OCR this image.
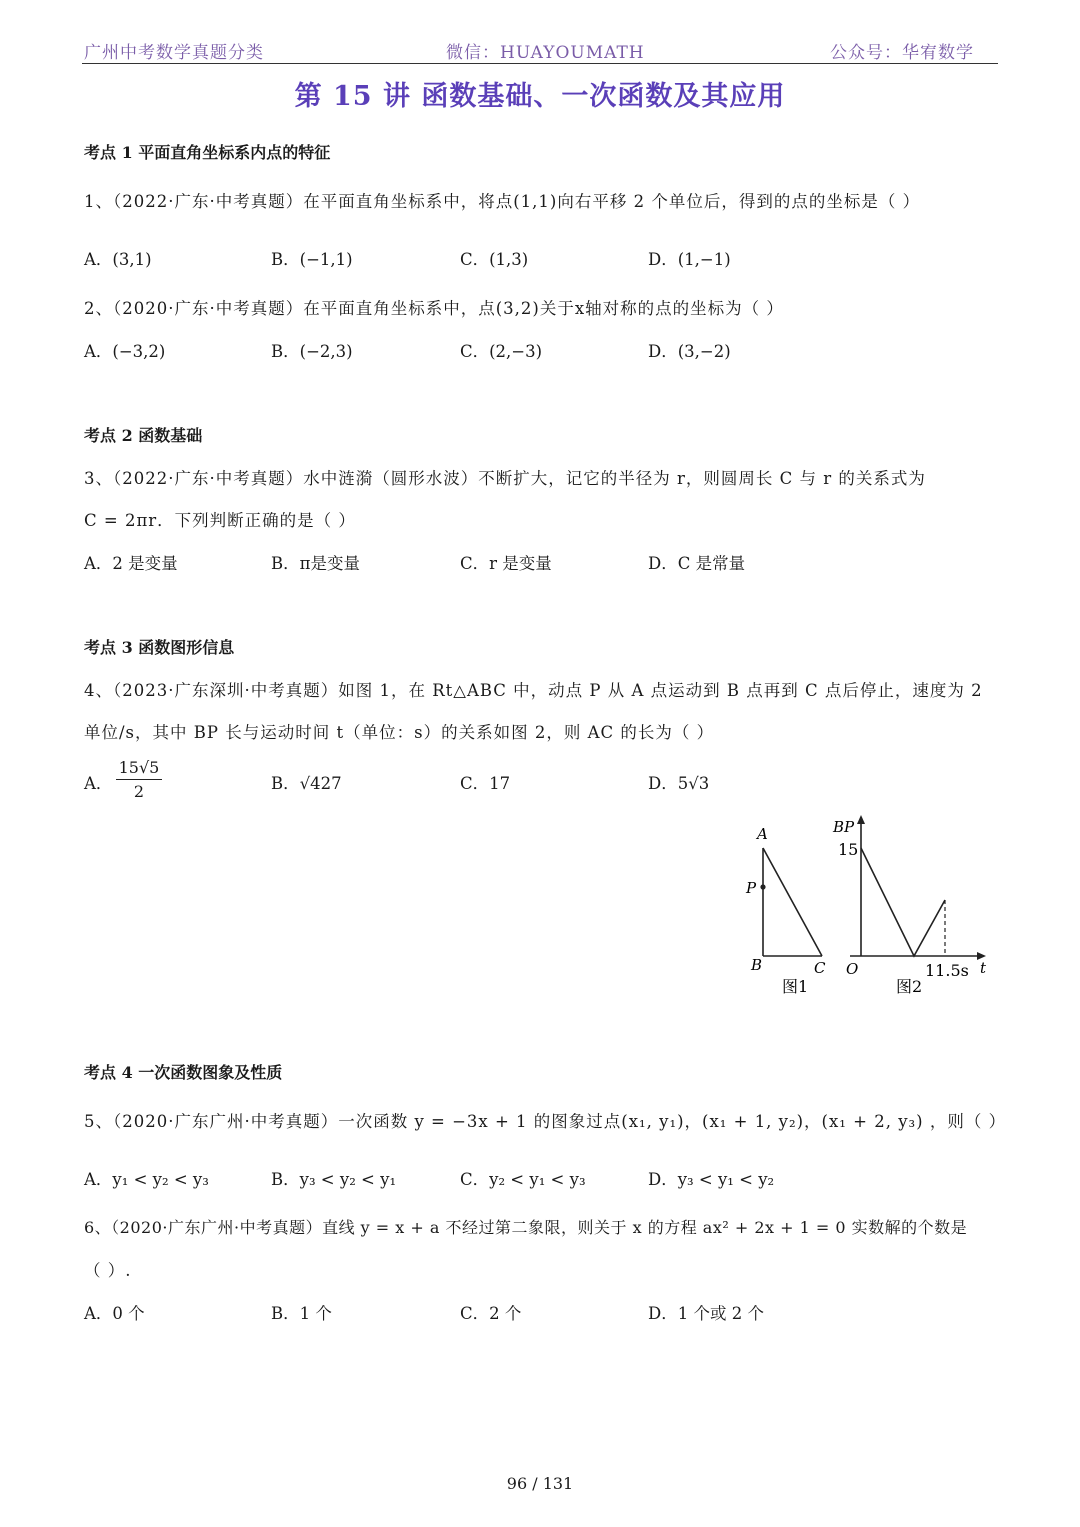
广州中考数学真题分类	微信：HUAYOUMATH	公众号：华宥数学
第 15 讲 函数基础、一次函数及其应用
考点 1 平面直角坐标系内点的特征
1、（2022·广东·中考真题）在平面直角坐标系中，将点(1,1)向右平移 2 个单位后，得到的点的坐标是（ ）
A．(3,1)	B．(−1,1)	C．(1,3)	D．(1,−1)
2、（2020·广东·中考真题）在平面直角坐标系中，点(3,2)关于x轴对称的点的坐标为（ ）
A．(−3,2)	B．(−2,3)	C．(2,−3)	D．(3,−2)
考点 2 函数基础
3、（2022·广东·中考真题）水中涟漪（圆形水波）不断扩大，记它的半径为 r，则圆周长 C 与 r 的关系式为
C = 2πr．下列判断正确的是（ ）
A．2 是变量	B．π是变量	C．r 是变量	D．C 是常量
考点 3 函数图形信息
4、（2023·广东深圳·中考真题）如图 1，在 Rt△ABC 中，动点 P 从 A 点运动到 B 点再到 C 点后停止，速度为 2
单位/s，其中 BP 长与运动时间 t（单位：s）的关系如图 2，则 AC 的长为（ ）
A． $\frac{15√5}{2}$	B．√427	C．17	D．5√3
A
P
B	C
图1
BP
15
O	11.5s t
图2
考点 4 一次函数图象及性质
5、（2020·广东广州·中考真题）一次函数 y = −3x + 1 的图象过点(x₁, y₁)，(x₁ + 1, y₂)，(x₁ + 2, y₃) ，则（ ）
A．y₁ < y₂ < y₃	B．y₃ < y₂ < y₁	C．y₂ < y₁ < y₃	D．y₃ < y₁ < y₂
6、（2020·广东广州·中考真题）直线 y = x + a 不经过第二象限，则关于 x 的方程 ax² + 2x + 1 = 0 实数解的个数是
（ ）.
A．0 个	B．1 个	C．2 个	D．1 个或 2 个
96 / 131
